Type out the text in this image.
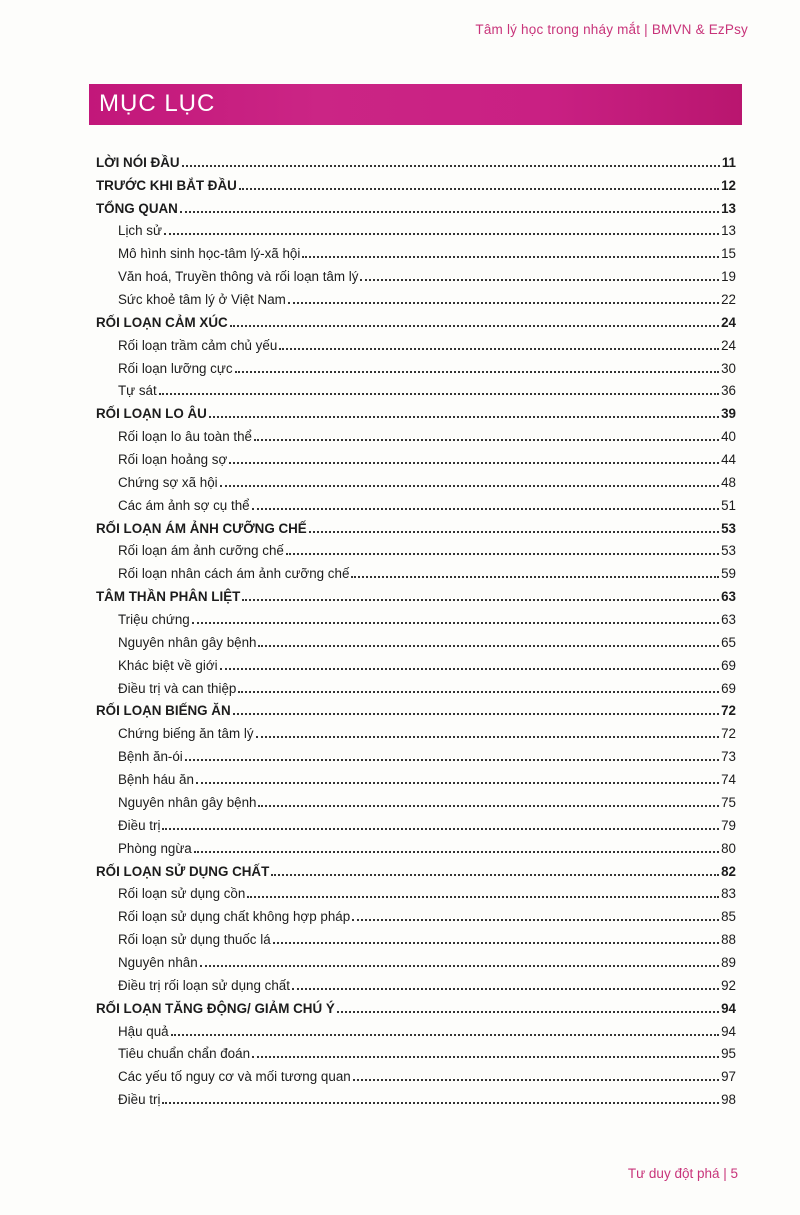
Tâm lý học trong nháy mắt | BMVN & EzPsy
MỤC LỤC
LỜI NÓI ĐẦU	11
TRƯỚC KHI BẮT ĐẦU	12
TỔNG QUAN	13
Lịch sử	13
Mô hình sinh học-tâm lý-xã hội	15
Văn hoá, Truyền thông và rối loạn tâm lý	19
Sức khoẻ tâm lý ở Việt Nam	22
RỐI LOẠN CẢM XÚC	24
Rối loạn trầm cảm chủ yếu	24
Rối loạn lưỡng cực	30
Tự sát	36
RỐI LOẠN LO ÂU	39
Rối loạn lo âu toàn thể	40
Rối loạn hoảng sợ	44
Chứng sợ xã hội	48
Các ám ảnh sợ cụ thể	51
RỐI LOẠN ÁM ẢNH CƯỠNG CHẾ	53
Rối loạn ám ảnh cưỡng chế	53
Rối loạn nhân cách ám ảnh cưỡng chế	59
TÂM THẦN PHÂN LIỆT	63
Triệu chứng	63
Nguyên nhân gây bệnh	65
Khác biệt về giới	69
Điều trị và can thiệp	69
RỐI LOẠN BIẾNG ĂN	72
Chứng biếng ăn tâm lý	72
Bệnh ăn-ói	73
Bệnh háu ăn	74
Nguyên nhân gây bệnh	75
Điều trị	79
Phòng ngừa	80
RỐI LOẠN SỬ DỤNG CHẤT	82
Rối loạn sử dụng cồn	83
Rối loạn sử dụng chất không hợp pháp	85
Rối loạn sử dụng thuốc lá	88
Nguyên nhân	89
Điều trị rối loạn sử dụng chất	92
RỐI LOẠN TĂNG ĐỘNG/ GIẢM CHÚ Ý	94
Hậu quả	94
Tiêu chuẩn chẩn đoán	95
Các yếu tố nguy cơ và mối tương quan	97
Điều trị	98
Tư duy đột phá | 5
